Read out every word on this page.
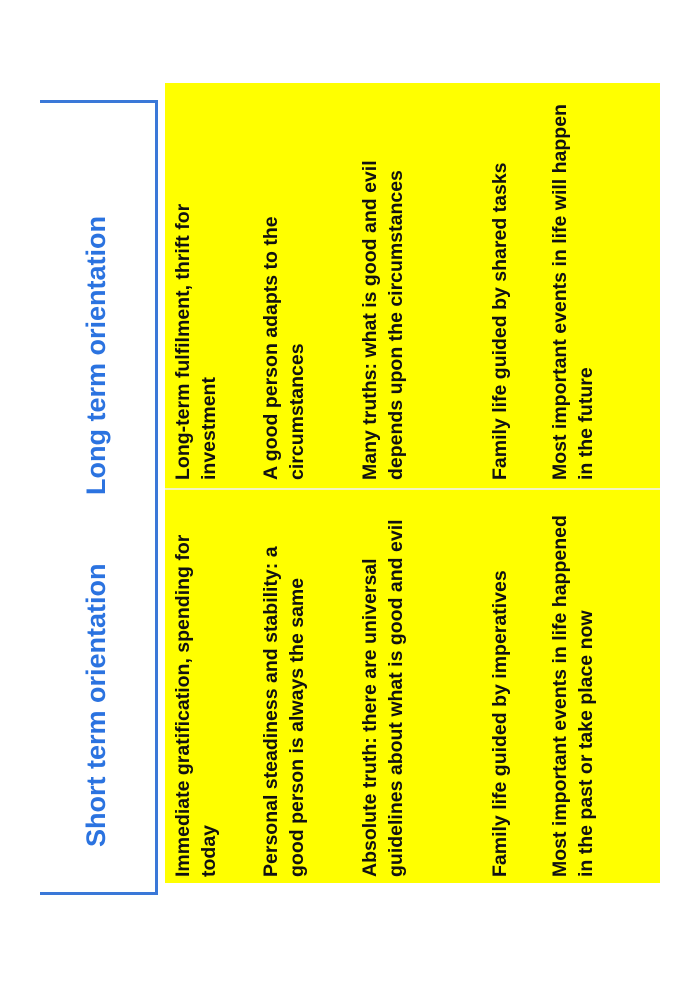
Short term orientation
Long term orientation
Immediate gratification, spending for today
Long-term fulfilment, thrift for investment
Personal steadiness and stability: a good person is always the same
A good person adapts to the circumstances
Absolute truth: there are universal guidelines about what is good and evil
Many truths: what is good and evil depends upon the circumstances
Family life guided by imperatives
Family life guided by shared tasks
Most important events in life happened in the past or take place now
Most important events in life will happen in the future
